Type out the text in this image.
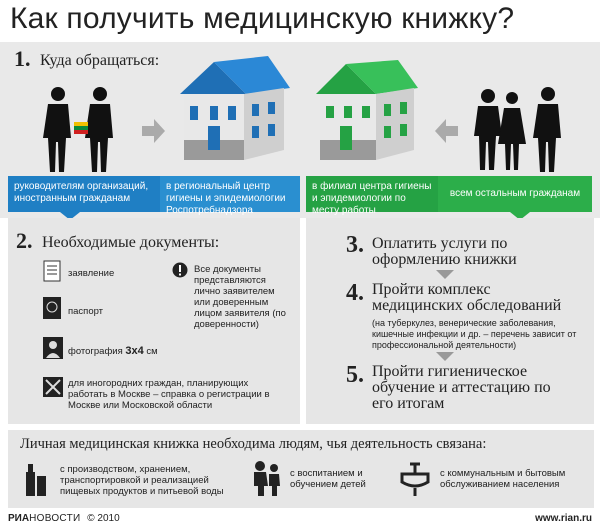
Как получить медицинскую книжку?
1. Куда обращаться:
руководителям организаций, иностранным гражданам
в региональный центр гигиены и эпидемиологии Роспотребнадзора
в филиал центра гигиены и эпидемиологии по месту работы
всем остальным гражданам
2. Необходимые документы:
заявление
паспорт
фотография 3х4 см
для иногородних граждан, планирующих работать в Москве – справка о регистрации в Москве или Московской области
Все документы представляются лично заявителем или доверенным лицом заявителя (по доверенности)
3. Оплатить услуги по оформлению книжки
4. Пройти комплекс медицинских обследований
(на туберкулез, венерические заболевания, кишечные инфекции и др. – перечень зависит от профессиональной деятельности)
5. Пройти гигиеническое обучение и аттестацию по его итогам
Личная медицинская книжка необходима людям, чья деятельность связана:
с производством, хранением, транспортировкой и реализацией пищевых продуктов и питьевой воды
с воспитанием и обучением детей
с коммунальным и бытовым обслуживанием населения
РИАНОВОСТИ © 2010	www.rian.ru
